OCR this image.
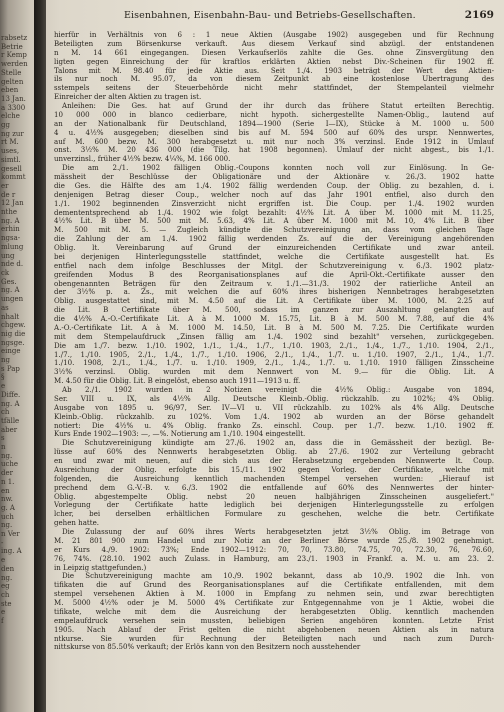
rabsetz
Betrie
r Kemp
werden
Stelle
gelten
eben
13 Jan.
a 3300
elche
gg
ng zur
rt M.
uses,
simtl.
gesell
kommt
er
de r
12 Jan
nthe
ng. A
erhin
ngsa-
mlung
ung
nde d.
ck
Ges.
ng. A
ungen
as
nhalt
chgew.
nig die
ngsge.
einge
ng
s Pap
§
e
Diffe.
ng. A
ch
tfälle
aber
s
n
ng.
uche
der
n 1.
en
nw.
g. A
uch
ng.
n Ver
-
ing. A
e
den
ng.
eg
ch
ste
e
f
Eisenbahnen, Eisenbahn-Bau- und Betriebs-Gesellschaften.	2169
hierfür in Verhältnis von 6 : 1 neue Aktien (Ausgabe 1902) ausgegeben und für Rechnung
Beteiligten zum Börsenkurse verkauft. Aus diesem Verkauf sind abzügl. der entstandenen
n M. 14 661 eingegangen. Diesen Verkaufserlös zahlte die Ges. ohne Zinsvergütung den
ligten gegen Einreichung der für kraftlos erklärten Aktien nebst Div.-Scheinen für 1902 ff.
Talons mit M. 98.40 für jede Aktie aus. Seit 1./4. 1903 beträgt der Wert des Aktien-
ils nur noch M. 95.07, da von diesem Zeitpunkt ab eine kostenlose Übertragung des
sstempels seitens der Steuerbehörde nicht mehr stattfindet, der Stempelanteil vielmehr
Einreicher der alten Aktien zu tragen ist.
Anleihen: Die Ges. hat auf Grund der ihr durch das frühere Statut erteilten Berechtig.
10 000 000 in blanco cedierbare, nicht hypoth. sichergestellte Namen-Oblig., lautend auf
an der Nationalbank für Deutschland, 1894—1900 (Serie I—IX), Stücke à M. 1000 u. 500
4 u. 4½% ausgegeben; dieselben sind bis auf M. 594 500 auf 60% des urspr. Nennwertes,
auf M. 600 bezw. M. 300 herabgesetzt u. mit nur noch 3% verzinsl. Ende 1912 in Umlauf
onst. 3½% M. 20 436 000 (die Tilg. hat 1908 begonnen). Umlauf der nicht abgest., bis 1./1.
unverzinsl., früher 4½% bezw. 4¼%, M. 166 000.
Die am 2./1. 1902 fälligen Oblig.-Coupons konnten noch voll zur Einlösung. In Ge-
mässheit der Beschlüsse der Obligationäre und der Aktionäre v. 26./3. 1902 hatte
die Ges. die Hälfte des am 1./4. 1902 fällig werdenden Coup. der Oblig. zu bezahlen, d. i.
denjenigen Betrag dieser Coup., welcher noch auf das Jahr 1901 entfiel, also durch den
1./1. 1902 beginnenden Zinsverzicht nicht ergriffen ist. Die Coup. per 1./4. 1902 wurden
demententsprechend ab 1./4. 1902 wie folgt bezahlt: 4½% Lit. A über M. 1000 mit M. 11.25,
4½% Lit. B über M. 500 mit M. 5.63, 4% Lit. A über M. 1000 mit M. 10, 4% Lit. B über
M. 500 mit M. 5. — Zugleich kündigte die Schutzvereinigung an, dass vom gleichen Tage
die Zahlung der am 1./4. 1902 fällig werdenden Zs. auf die der Vereinigung angehörenden
Oblig. lt. Vereinbarung auf Grund der einzureichenden Certifikate und zwar anteil.
bei derjenigen Hinterlegungsstelle stattfindet, welche die Certifikate ausgestellt hat. Es
entfiel nach dem infolge Beschlusses der Mitgl. der Schutzvereinigung v. 6./3. 1902 platz-
greifenden Modus B des Reorganisationsplanes auf die April-Okt.-Certifikate ausser den
obengenannten Beträgen für den Zeitraum v. 1./1.—31./3. 1902 der ratierliche Anteil an
der 3½% p. a. Zs., mit welchen die auf 60% ihres bisherigen Nennbetrages herabgesetzten
Oblig. ausgestattet sind, mit M. 4.50 auf die Lit. A Certifikate über M. 1000, M. 2.25 auf
die Lit. B Certifikate über M. 500, sodass im ganzen zur Auszahltung gelangten auf
die 4½% A.-O.-Certifikate Lit. A à M. 1000 M. 15.75, Lit. B à M. 500 M. 7.88, auf die 4%
A.-O.-Certifikate Lit. A à M. 1000 M. 14.50, Lit. B à M. 500 M. 7.25. Die Certifikate wurden
mit dem Stempelaufdruck „Zinsen fällig am 1./4. 1902 sind bezahlt" versehen, zurückgegeben.
Die am 1./7. bezw. 1./10. 1902, 1./1., 1./4., 1./7., 1./10. 1903, 2./1., 1./4., 1./7., 1./10. 1904, 2./1.,
1./7., 1./10. 1905, 2./1., 1./4., 1./7., 1./10. 1906, 2./1., 1./4., 1./7. u. 1./10. 1907, 2./1., 1./4., 1./7.
1./10. 1908, 2./1., 1./4., 1./7. u. 1./10. 1909, 2./1., 1./4., 1./7. u. 1./10. 1910 fälligen Zinsscheine
3½% verzinsl. Oblig. wurden mit dem Nennwert von M. 9.— für die Oblig. Lit. A
M. 4.50 für die Oblig. Lit. B eingelöst, ebenso auch 1911—1913 u. ff.
Ab 2./1. 1902 wurden in 2 Notizen vereinigt die 4½% Oblig.: Ausgabe von 1894,
Ser. VIII u. IX, als 4½% Allg. Deutsche Kleinb.-Oblig. rückzahlb. zu 102%; 4% Oblig.
Ausgabe von 1895 u. 96/97, Ser. IV—VI u. VII rückzahlb. zu 102% als 4% Allg. Deutsche
Kleinb.-Oblig. rückzahlb. zu 102%. Vom 1./4. 1902 ab wurden an der Börse gehandelt
notiert: Die 4½% u. 4% Oblig. franko Zs. einschl. Coup. per 1./7. bezw. 1./10. 1902 ff.
Kurs Ende 1902—1903: —, —%. Notierung am 1./10. 1904 eingestellt.
Die Schutzvereinigung kündigte am 27./6. 1902 an, dass die in Gemässheit der bezügl. Be-
lüsse auf 60% des Nennwerts herabgesetzten Oblig. ab 27./6. 1902 zur Verteilung gebracht
en und zwar mit neuen, auf die sich aus der Herabsetzung ergebenden Nennwerte lt. Coup.
Ausreichung der Oblig. erfolgte bis 15./11. 1902 gegen Vorleg. der Certifikate, welche mit
folgenden, die Ausreichung kenntlich machenden Stempel versehen wurden: „Hierauf ist
prechend dem G.-V.-B. v. 6./3. 1902 die entfallende auf 60% des Nennwertes der hinter-
Oblig. abgestempelte Oblig. nebst 20 neuen halbjährigen Zinsscheinen ausgeliefert."
Vorlegung der Certifikate hatte lediglich bei derjenigen Hinterlegungsstelle zu erfolgen
lcher, bei derselben erhältlichen Formulare zu geschehen, welche die betr. Certifikate
gehen hatte.
Die Zulassung der auf 60% ihres Werts herabgesetzten jetzt 3½% Oblig. im Betrage von
M. 21 801 900 zum Handel und zur Notiz an der Berliner Börse wurde 25./8. 1902 genehmigt.
er Kurs 4./9. 1902: 73%; Ende 1902—1912: 70, 70, 73.80, 74.75, 70, 72.30, 76, 76.60,
76, 74%. (28.10. 1902 auch Zulass. in Hamburg, am 23./1. 1903 in Frankf. a. M. u. am 23. 2.
in Leipzig stattgefunden.)
Die Schutzvereinigung machte am 10./9. 1902 bekannt, dass ab 10./9. 1902 die Inh. von
tifikaten die auf Grund des Reorganisationsplanes auf die Certifikate entfallenden, mit dem
stempel versehenen Aktien à M. 1000 in Empfang zu nehmen sein, und zwar berechtigten
M. 5000 4½% oder je M. 5000 4% Certifikate zur Entgegennahme von je 1 Aktie, wobei die
tifikate, welche mit dem die Ausreichung der herabgesetzten Oblig. kenntlich machenden
empelaufdruck versehen sein mussten, beliebigen Serien angehören konnten. Letzte Frist
1905. Nach Ablauf der Frist gelten die nicht abgehobenen neuen Aktien als in natura
ntkurse. Sie wurden für Rechnung der Beteiligten nach und nach zum Durch-
nittskurse von 85.50% verkauft; der Erlös kann von den Besitzern noch ausstehender
